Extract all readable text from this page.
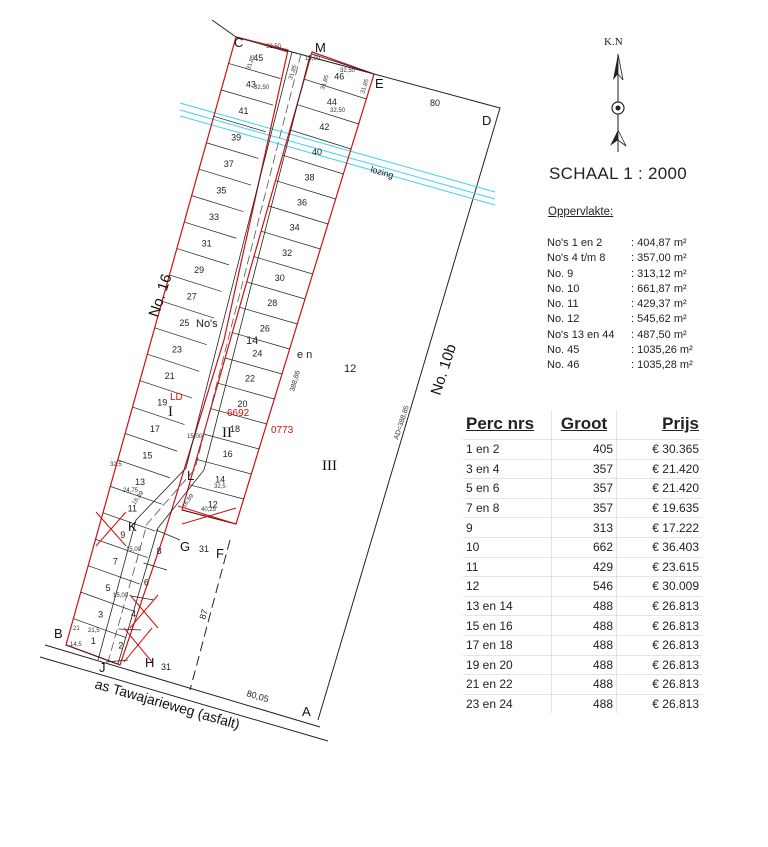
45
43
41
39
37
35
33
31
29
27
25
23
21
19
17
15
13
11
9
7
5
3
1
46
44
42
40
38
36
34
32
30
28
26
24
22
20
18
16
14
12
8
6
4
2
C	M
E
D
B
J	H
A
G F
K
L
No. 16
No. 10b
as Tawajarieweg (asfalt)
lozing
I
II
III
12
LD
6692
0773
No's
e n
14
80
80,05
31
31
87
AD=388,85
388,86
32,50
32,50
32,50
32,50
31,85
31,85
31,85	31,85
15,00
15,00
15,00
15,00
32,5
32,5
24,75
16,89	16,89
14,5
40,25
21 21,5
K.N
SCHAAL 1 : 2000
Oppervlakte:
No's 1 en 2	: 404,87 m²
No's 4 t/m 8	: 357,00 m²
No. 9	: 313,12 m²
No. 10	: 661,87 m²
No. 11	: 429,37 m²
No. 12	: 545,62 m²
No's 13 en 44	: 487,50 m²
No. 45	: 1035,26 m²
No. 46	: 1035,28 m²
Perc nrs	Groot	Prijs
1 en 2	405	€ 30.365
3 en 4	357	€ 21.420
5 en 6	357	€ 21.420
7 en 8	357	€ 19.635
9	313	€ 17.222
10	662	€ 36.403
11	429	€ 23.615
12	546	€ 30.009
13 en 14	488	€ 26.813
15 en 16	488	€ 26.813
17 en 18	488	€ 26.813
19 en 20	488	€ 26.813
21 en 22	488	€ 26.813
23 en 24	488	€ 26.813
